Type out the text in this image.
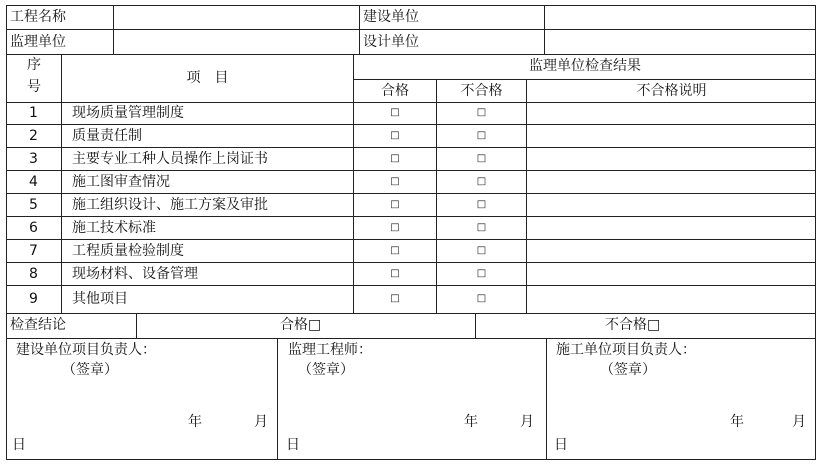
工程名称	建设单位
监理单位	设计单位
序
号
项　目
监理单位检查结果
合格	不合格	不合格说明
1	现场质量管理制度	□	□
2	质量责任制	□	□
3	主要专业工种人员操作上岗证书	□	□
4	施工图审查情况	□	□
5	施工组织设计、施工方案及审批	□	□
6	施工技术标准	□	□
7	工程质量检验制度	□	□
8	现场材料、设备管理	□	□
9	其他项目	□	□
检查结论	合格□	不合格□
建设单位项目负责人：
（签章）
年	月
日
监理工程师：
（签章）
年	月
日
施工单位项目负责人：
（签章）
年	月
日
